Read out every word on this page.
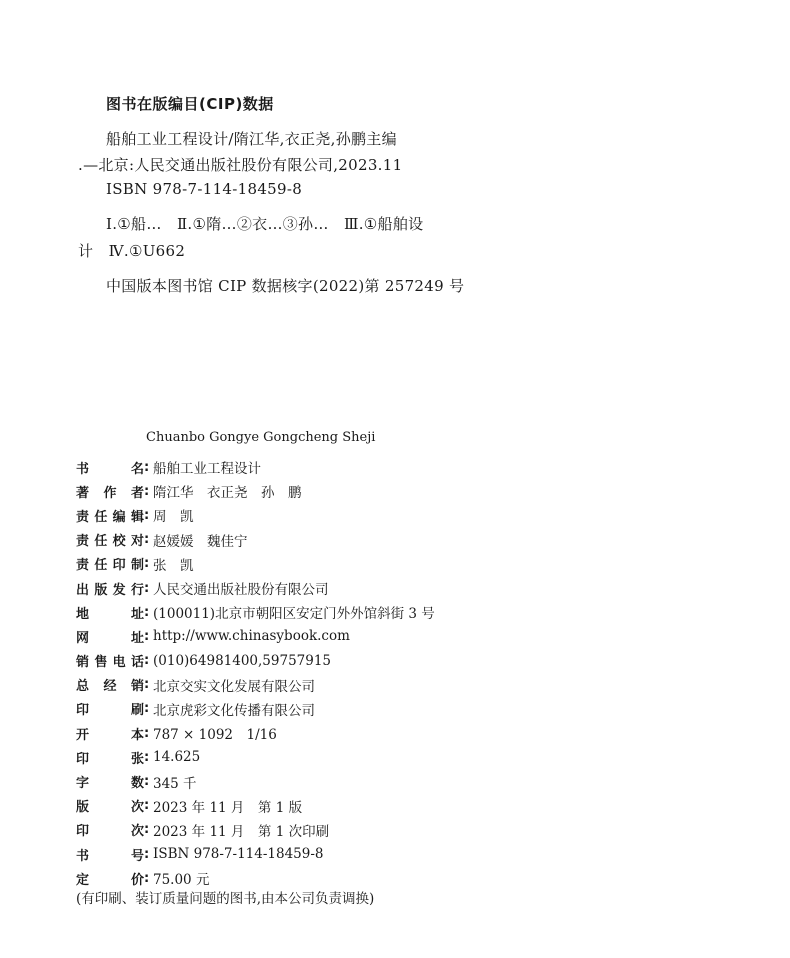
图书在版编目(CIP)数据
船舶工业工程设计/隋江华,衣正尧,孙鹏主编
.—北京:人民交通出版社股份有限公司,2023.11
ISBN 978-7-114-18459-8
Ⅰ.①船…　Ⅱ.①隋…②衣…③孙…　Ⅲ.①船舶设
计　Ⅳ.①U662
中国版本图书馆 CIP 数据核字(2022)第 257249 号
Chuanbo Gongye Gongcheng Sheji
书名 : 船舶工业工程设计
著作者 : 隋江华　衣正尧　孙　鹏
责任编辑 : 周　凯
责任校对 : 赵媛媛　魏佳宁
责任印制 : 张　凯
出版发行 : 人民交通出版社股份有限公司
地址 : (100011)北京市朝阳区安定门外外馆斜街 3 号
网址 : http://www.chinasybook.com
销售电话 : (010)64981400,59757915
总经销 : 北京交实文化发展有限公司
印刷 : 北京虎彩文化传播有限公司
开本 : 787 × 1092　1/16
印张 : 14.625
字数 : 345 千
版次 : 2023 年 11 月　第 1 版
印次 : 2023 年 11 月　第 1 次印刷
书号 : ISBN 978-7-114-18459-8
定价 : 75.00 元
(有印刷、装订质量问题的图书,由本公司负责调换)
